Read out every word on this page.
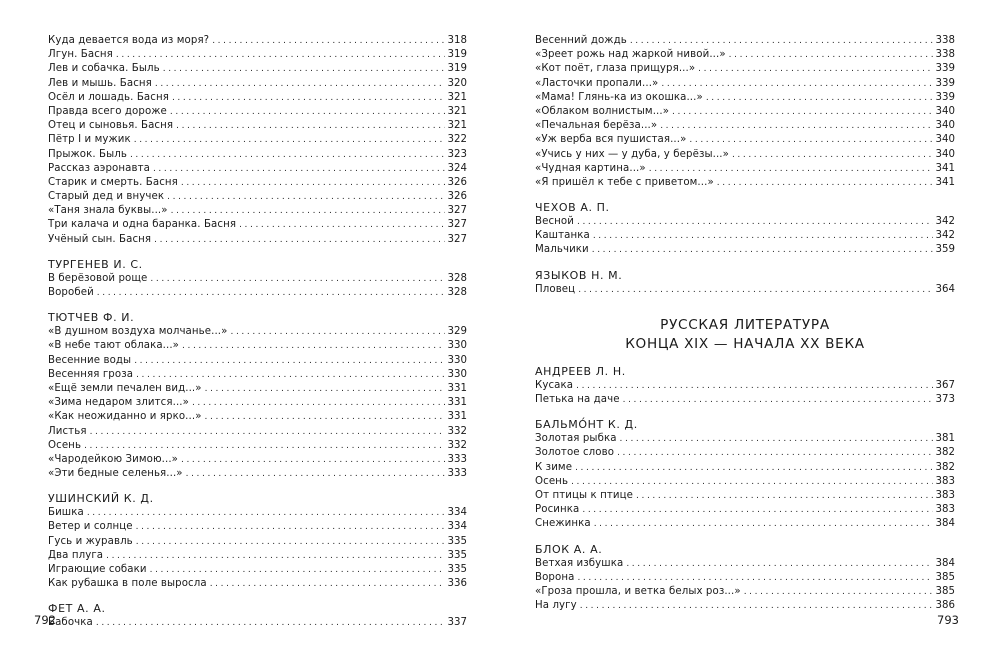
Куда девается вода из моря? .....	318
Лгун. Басня .....	319
Лев и собачка. Быль .....	319
Лев и мышь. Басня .....	320
Осёл и лошадь. Басня .....	321
Правда всего дороже .....	321
Отец и сыновья. Басня .....	321
Пётр I и мужик .....	322
Прыжок. Быль .....	323
Рассказ аэронавта .....	324
Старик и смерть. Басня .....	326
Старый дед и внучек .....	326
«Таня знала буквы...» .....	327
Три калача и одна баранка. Басня .....	327
Учёный сын. Басня .....	327
ТУРГЕНЕВ И. С.
В берёзовой роще .....	328
Воробей .....	328
ТЮТЧЕВ Ф. И.
«В душном воздуха молчанье...» .....	329
«В небе тают облака...» .....	330
Весенние воды .....	330
Весенняя гроза .....	330
«Ещё земли печален вид...» .....	331
«Зима недаром злится...» .....	331
«Как неожиданно и ярко...» .....	331
Листья .....	332
Осень .....	332
«Чародейкою Зимою...» .....	333
«Эти бедные селенья...» .....	333
УШИНСКИЙ К. Д.
Бишка .....	334
Ветер и солнце .....	334
Гусь и журавль .....	335
Два плуга .....	335
Играющие собаки .....	335
Как рубашка в поле выросла .....	336
ФЕТ А. А.
Бабочка .....	337
Весенний дождь .....	338
«Зреет рожь над жаркой нивой...» .....	338
«Кот поёт, глаза прищуря...» .....	339
«Ласточки пропали...» .....	339
«Мама! Глянь-ка из окошка...» .....	339
«Облаком волнистым...» .....	340
«Печальная берёза...» .....	340
«Уж верба вся пушистая...» .....	340
«Учись у них — у дуба, у берёзы...» .....	340
«Чудная картина...» .....	341
«Я пришёл к тебе с приветом...» .....	341
ЧЕХОВ А. П.
Весной .....	342
Каштанка .....	342
Мальчики .....	359
ЯЗЫКОВ Н. М.
Пловец .....	364
РУССКАЯ ЛИТЕРАТУРА
КОНЦА XIX — НАЧАЛА XX ВЕКА
АНДРЕЕВ Л. Н.
Кусака .....	367
Петька на даче .....	373
БАЛЬМО́НТ К. Д.
Золотая рыбка .....	381
Золотое слово .....	382
К зиме .....	382
Осень .....	383
От птицы к птице .....	383
Росинка .....	383
Снежинка .....	384
БЛОК А. А.
Ветхая избушка .....	384
Ворона .....	385
«Гроза прошла, и ветка белых роз...» .....	385
На лугу .....	386
792	793
